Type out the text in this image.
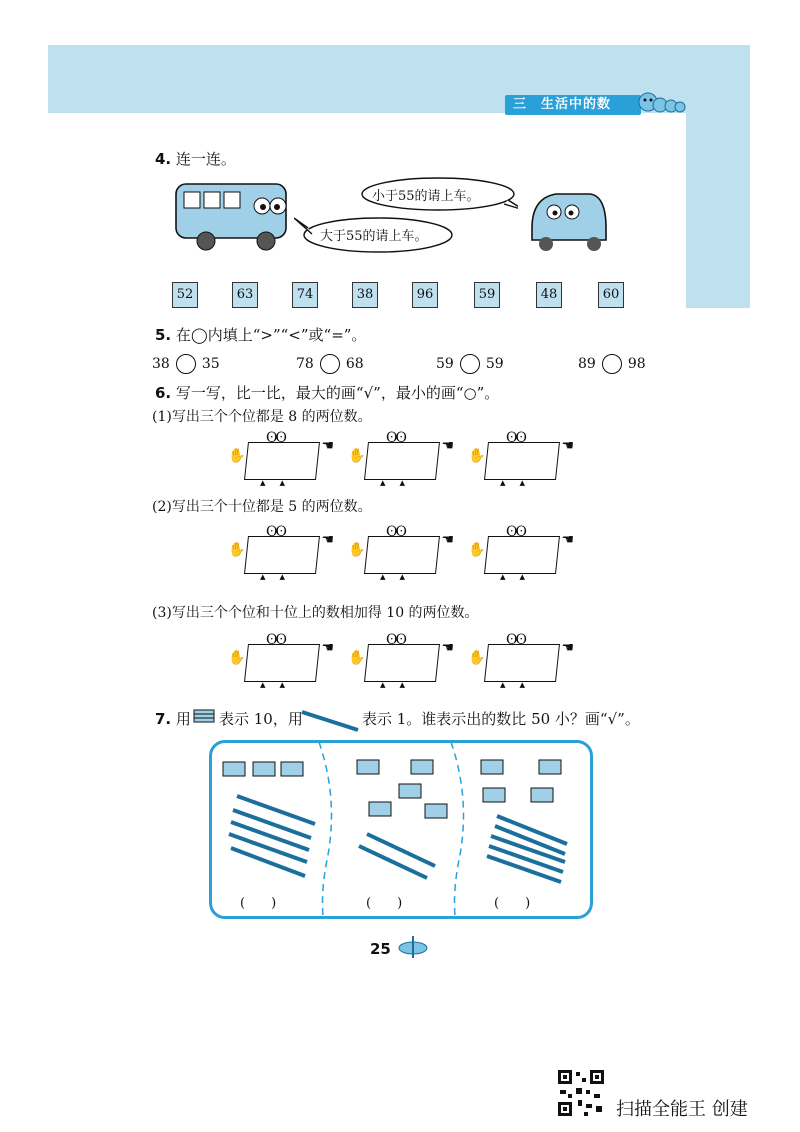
三　生活中的数
4. 连一连。
小于55的请上车。
大于55的请上车。
52	63	74	38	96	59	48	60
5. 在◯内填上“>”“<”或“=”。
38 35	78 68	59 59	89 98
6. 写一写，比一比，最大的画“√”，最小的画“○”。
(1)写出三个个位都是 8 的两位数。
(2)写出三个十位都是 5 的两位数。
(3)写出三个个位和十位上的数相加得 10 的两位数。
ʘʘ
✋
☚
▴▴
ʘʘ
✋
☚
▴▴
ʘʘ
✋
☚
▴▴
ʘʘ
✋
☚
▴▴
ʘʘ
✋
☚
▴▴
ʘʘ
✋
☚
▴▴
ʘʘ
✋
☚
▴▴
ʘʘ
✋
☚
▴▴
ʘʘ
✋
☚
▴▴
7. 用 表示 10，用	表示 1。谁表示出的数比 50 小？画“√”。
(　　)	(　　)	(　　)
25
扫描全能王 创建
